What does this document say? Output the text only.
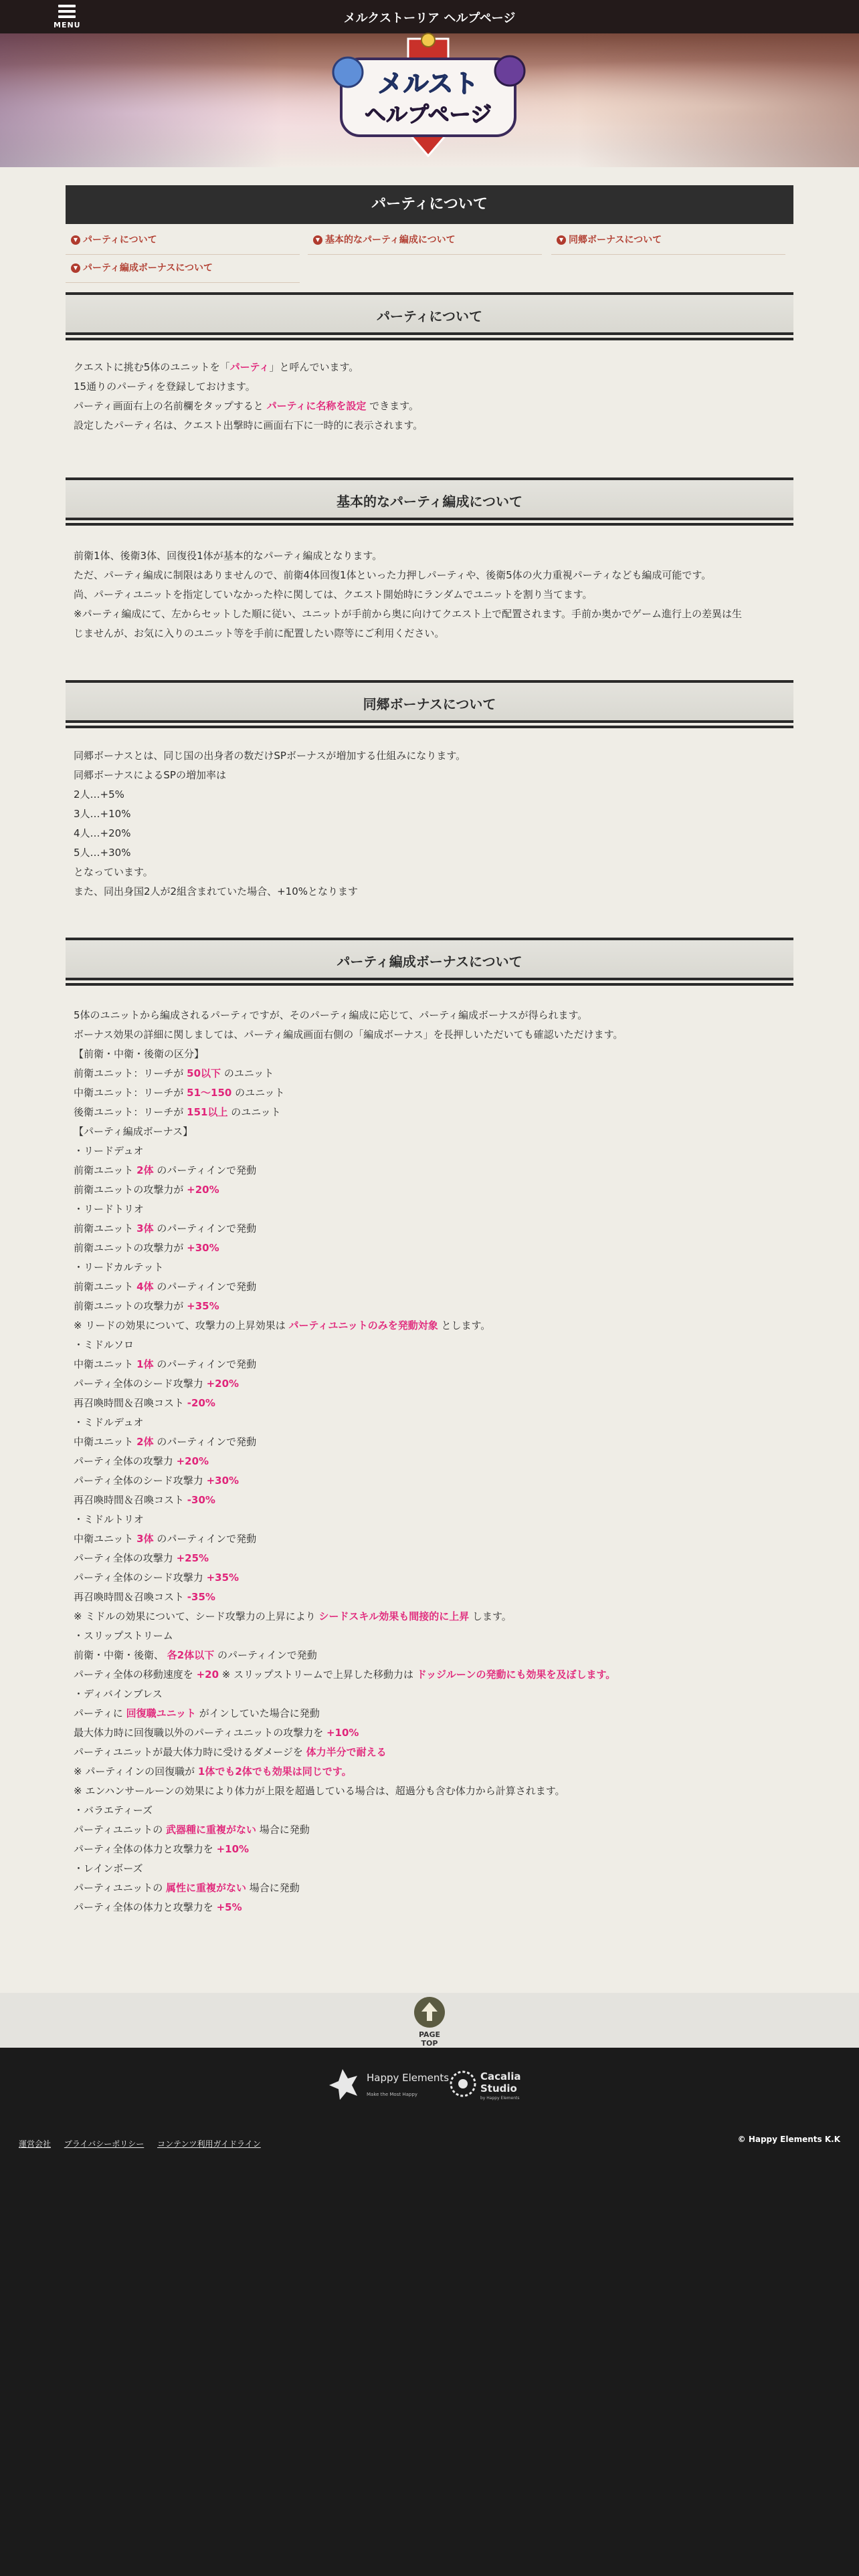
MENU	メルクストーリア ヘルプページ
メルスト
ヘルプページ
パーティについて
▼ パーティについて	▼ 基本的なパーティ編成について	▼ 同郷ボーナスについて
▼ パーティ編成ボーナスについて
パーティについて
クエストに挑む5体のユニットを「パーティ」と呼んでいます。
15通りのパーティを登録しておけます。
パーティ画面右上の名前欄をタップすると パーティに名称を設定 できます。
設定したパーティ名は、クエスト出撃時に画面右下に一時的に表示されます。
基本的なパーティ編成について
前衛1体、後衛3体、回復役1体が基本的なパーティ編成となります。
ただ、パーティ編成に制限はありませんので、前衛4体回復1体といった力押しパーティや、後衛5体の火力重視パーティなども編成可能です。
尚、パーティユニットを指定していなかった枠に関しては、クエスト開始時にランダムでユニットを割り当てます。
※パーティ編成にて、左からセットした順に従い、ユニットが手前から奥に向けてクエスト上で配置されます。手前か奥かでゲーム進行上の差異は生
じませんが、お気に入りのユニット等を手前に配置したい際等にご利用ください。
同郷ボーナスについて
同郷ボーナスとは、同じ国の出身者の数だけSPボーナスが増加する仕組みになります。
同郷ボーナスによるSPの増加率は
2人…+5%
3人…+10%
4人…+20%
5人…+30%
となっています。
また、同出身国2人が2組含まれていた場合、+10%となります
パーティ編成ボーナスについて
5体のユニットから編成されるパーティですが、そのパーティ編成に応じて、パーティ編成ボーナスが得られます。
ボーナス効果の詳細に関しましては、パーティ編成画面右側の「編成ボーナス」を長押しいただいても確認いただけます。
【前衛・中衛・後衛の区分】
前衛ユニット：リーチが 50以下 のユニット
中衛ユニット：リーチが 51〜150 のユニット
後衛ユニット：リーチが 151以上 のユニット
【パーティ編成ボーナス】
・リードデュオ
前衛ユニット 2体 のパーティインで発動
前衛ユニットの攻撃力が +20%
・リードトリオ
前衛ユニット 3体 のパーティインで発動
前衛ユニットの攻撃力が +30%
・リードカルテット
前衛ユニット 4体 のパーティインで発動
前衛ユニットの攻撃力が +35%
※ リードの効果について、攻撃力の上昇効果は パーティユニットのみを発動対象 とします。
・ミドルソロ
中衛ユニット 1体 のパーティインで発動
パーティ全体のシード攻撃力 +20%
再召喚時間＆召喚コスト -20%
・ミドルデュオ
中衛ユニット 2体 のパーティインで発動
パーティ全体の攻撃力 +20%
パーティ全体のシード攻撃力 +30%
再召喚時間＆召喚コスト -30%
・ミドルトリオ
中衛ユニット 3体 のパーティインで発動
パーティ全体の攻撃力 +25%
パーティ全体のシード攻撃力 +35%
再召喚時間＆召喚コスト -35%
※ ミドルの効果について、シード攻撃力の上昇により シードスキル効果も間接的に上昇 します。
・スリップストリーム
前衛・中衛・後衛、 各2体以下 のパーティインで発動
パーティ全体の移動速度を +20 ※ スリップストリームで上昇した移動力は ドッジルーンの発動にも効果を及ぼします。
・ディバインブレス
パーティに 回復職ユニット がインしていた場合に発動
最大体力時に回復職以外のパーティユニットの攻撃力を +10%
パーティユニットが最大体力時に受けるダメージを 体力半分で耐える
※ パーティインの回復職が 1体でも2体でも効果は同じです。
※ エンハンサールーンの効果により体力が上限を超過している場合は、超過分も含む体力から計算されます。
・バラエティーズ
パーティユニットの 武器種に重複がない 場合に発動
パーティ全体の体力と攻撃力を +10%
・レインボーズ
パーティユニットの 属性に重複がない 場合に発動
パーティ全体の体力と攻撃力を +5%
PAGE TOP
Happy Elements
Make the Most Happy
Cacalia
Studio
by Happy Elements
運営会社 プライバシーポリシー コンテンツ利用ガイドライン	© Happy Elements K.K
